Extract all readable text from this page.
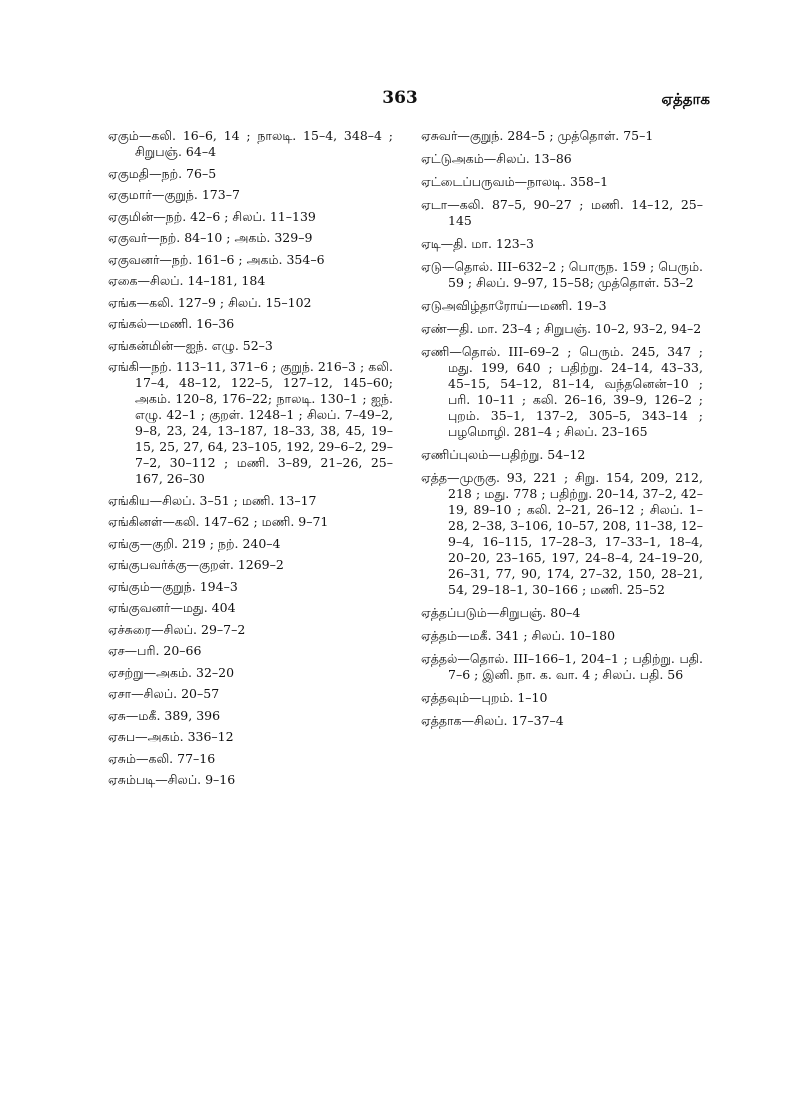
363	ஏத்தாக

ஏகும்—கலி. 16–6, 14 ; நாலடி. 15–4, 348–4 ; சிறுபஞ். 64–4

ஏகுமதி—நற். 76–5

ஏகுமார்—குறுந். 173–7

ஏகுமின்—நற். 42–6 ; சிலப். 11–139

ஏகுவர்—நற். 84–10 ; அகம். 329–9

ஏகுவனர்—நற். 161–6 ; அகம். 354–6

ஏகை—சிலப். 14–181, 184

ஏங்க—கலி. 127–9 ; சிலப். 15–102

ஏங்கல்—மணி. 16–36

ஏங்கன்மின்—ஐந். எழு. 52–3

ஏங்கி—நற். 113–11, 371–6 ; குறுந். 216–3 ; கலி. 17–4, 48–12, 122–5, 127–12, 145–60; அகம். 120–8, 176–22; நாலடி. 130–1 ; ஐந். எழு. 42–1 ; குறள். 1248–1 ; சிலப். 7–49–2, 9–8, 23, 24, 13–187, 18–33, 38, 45, 19–15, 25, 27, 64, 23–105, 192, 29–6–2, 29–7–2, 30–112 ; மணி. 3–89, 21–26, 25–167, 26–30

ஏங்கிய—சிலப். 3–51 ; மணி. 13–17

ஏங்கினள்—கலி. 147–62 ; மணி. 9–71

ஏங்கு—குறி. 219 ; நற். 240–4

ஏங்குபவர்க்கு—குறள். 1269–2

ஏங்கும்—குறுந். 194–3

ஏங்குவனர்—மது. 404

ஏச்சுரை—சிலப். 29–7–2

ஏச—பரி. 20–66

ஏசற்று—அகம். 32–20

ஏசா—சிலப். 20–57

ஏசு—மகீ. 389, 396

ஏசுப—அகம். 336–12

ஏசும்—கலி. 77–16

ஏசும்படி—சிலப். 9–16

ஏசுவர்—குறுந். 284–5 ; முத்தொள். 75–1

ஏட்டுஅகம்—சிலப். 13–86

ஏட்டைப்பருவம்—நாலடி. 358–1

ஏடா—கலி. 87–5, 90–27 ; மணி. 14–12, 25–145

ஏடி—தி. மா. 123–3

ஏடு—தொல். III–632–2 ; பொருந. 159 ; பெரும். 59 ; சிலப். 9–97, 15–58; முத்தொள். 53–2

ஏடுஅவிழ்தாரோய்—மணி. 19–3

ஏண்—தி. மா. 23–4 ; சிறுபஞ். 10–2, 93–2, 94–2

ஏணி—தொல். III–69–2 ; பெரும். 245, 347 ; மது. 199, 640 ; பதிற்று. 24–14, 43–33, 45–15, 54–12, 81–14, வந்தனென்–10 ; பரி. 10–11 ; கலி. 26–16, 39–9, 126–2 ; புறம். 35–1, 137–2, 305–5, 343–14 ; பழமொழி. 281–4 ; சிலப். 23–165

ஏணிப்புலம்—பதிற்று. 54–12

ஏத்த—முருகு. 93, 221 ; சிறு. 154, 209, 212, 218 ; மது. 778 ; பதிற்று. 20–14, 37–2, 42–19, 89–10 ; கலி. 2–21, 26–12 ; சிலப். 1–28, 2–38, 3–106, 10–57, 208, 11–38, 12–9–4, 16–115, 17–28–3, 17–33–1, 18–4, 20–20, 23–165, 197, 24–8–4, 24–19–20, 26–31, 77, 90, 174, 27–32, 150, 28–21, 54, 29–18–1, 30–166 ; மணி. 25–52

ஏத்தப்படும்—சிறுபஞ். 80–4

ஏத்தம்—மகீ. 341 ; சிலப். 10–180

ஏத்தல்—தொல். III–166–1, 204–1 ; பதிற்று. பதி. 7–6 ; இனி. நா. க. வா. 4 ; சிலப். பதி. 56

ஏத்தவும்—புறம். 1–10

ஏத்தாக—சிலப். 17–37–4
